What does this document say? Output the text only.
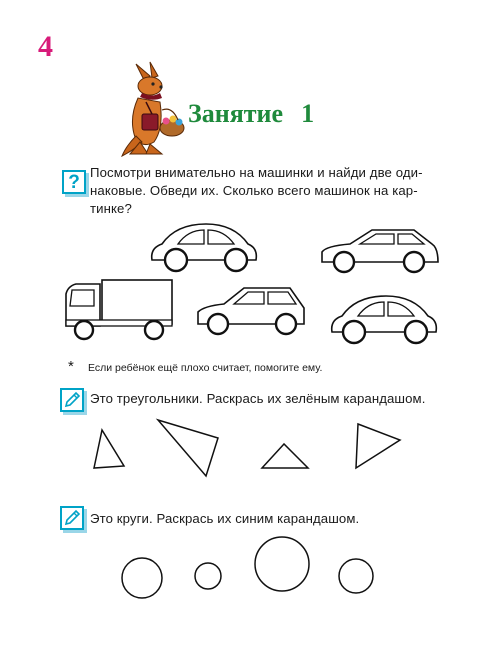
4
Занятие 1
? Посмотри внимательно на машинки и найди две оди-
наковые. Обведи их. Сколько всего машинок на кар-
тинке?
* Если ребёнок ещё плохо считает, помогите ему.
Это треугольники. Раскрась их зелёным карандашом.
Это круги. Раскрась их синим карандашом.
